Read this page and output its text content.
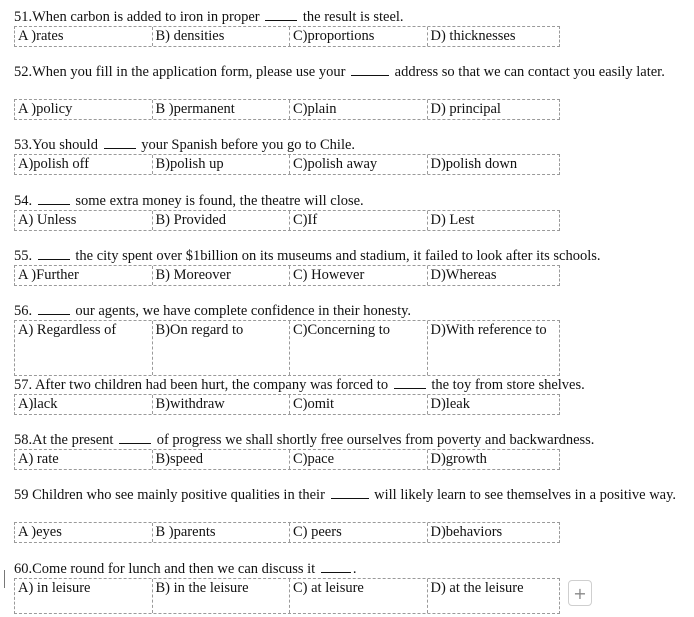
51.When carbon is added to iron in proper	the result is steel.
A )rates	B) densities	C)proportions	D) thicknesses
52.When you fill in the application form, please use your	address so that we can contact you easily later.
A )policy	B )permanent	C)plain	D) principal
53.You should	your Spanish before you go to Chile.
A)polish off	B)polish up	C)polish away	D)polish down
54.	some extra money is found, the theatre will close.
A) Unless	B) Provided	C)If	D) Lest
55.	the city spent over $1billion on its museums and stadium, it failed to look after its schools.
A )Further	B) Moreover	C) However	D)Whereas
56.	our agents, we have complete confidence in their honesty.
A) Regardless of	B)On regard to	C)Concerning to	D)With reference to
57. After two children had been hurt, the company was forced to	the toy from store shelves.
A)lack	B)withdraw	C)omit	D)leak
58.At the present	of progress we shall shortly free ourselves from poverty and backwardness.
A) rate	B)speed	C)pace	D)growth
59 Children who see mainly positive qualities in their	will likely learn to see themselves in a positive way.
A )eyes	B )parents	C) peers	D)behaviors
60.Come round for lunch and then we can discuss it	.
A) in leisure	B) in the leisure	C) at leisure	D) at the leisure	+
